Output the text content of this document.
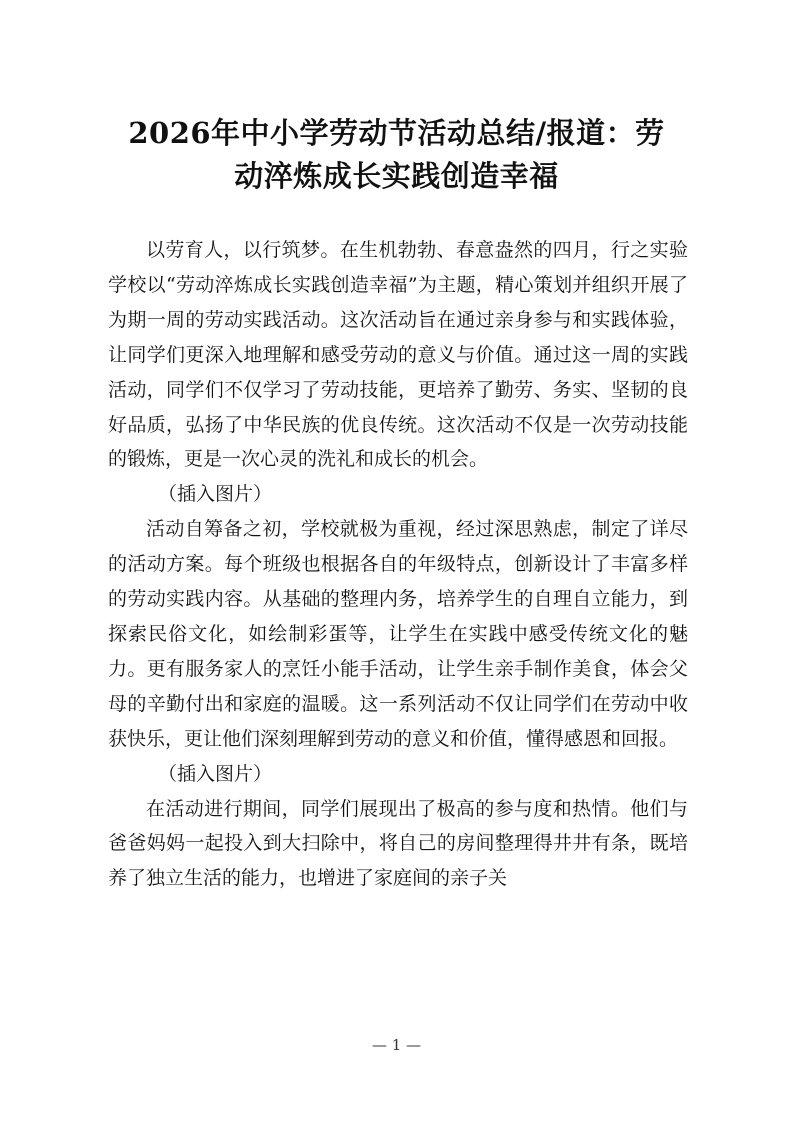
2026年中小学劳动节活动总结/报道：劳
动淬炼成长实践创造幸福

以劳育人，以行筑梦。在生机勃勃、春意盎然的四月，行之实验学校以“劳动淬炼成长实践创造幸福”为主题，精心策划并组织开展了为期一周的劳动实践活动。这次活动旨在通过亲身参与和实践体验，让同学们更深入地理解和感受劳动的意义与价值。通过这一周的实践活动，同学们不仅学习了劳动技能，更培养了勤劳、务实、坚韧的良好品质，弘扬了中华民族的优良传统。这次活动不仅是一次劳动技能的锻炼，更是一次心灵的洗礼和成长的机会。

（插入图片）

活动自筹备之初，学校就极为重视，经过深思熟虑，制定了详尽的活动方案。每个班级也根据各自的年级特点，创新设计了丰富多样的劳动实践内容。从基础的整理内务，培养学生的自理自立能力，到探索民俗文化，如绘制彩蛋等，让学生在实践中感受传统文化的魅力。更有服务家人的烹饪小能手活动，让学生亲手制作美食，体会父母的辛勤付出和家庭的温暖。这一系列活动不仅让同学们在劳动中收获快乐，更让他们深刻理解到劳动的意义和价值，懂得感恩和回报。

（插入图片）

在活动进行期间，同学们展现出了极高的参与度和热情。他们与爸爸妈妈一起投入到大扫除中，将自己的房间整理得井井有条，既培养了独立生活的能力，也增进了家庭间的亲子关

— 1 —
